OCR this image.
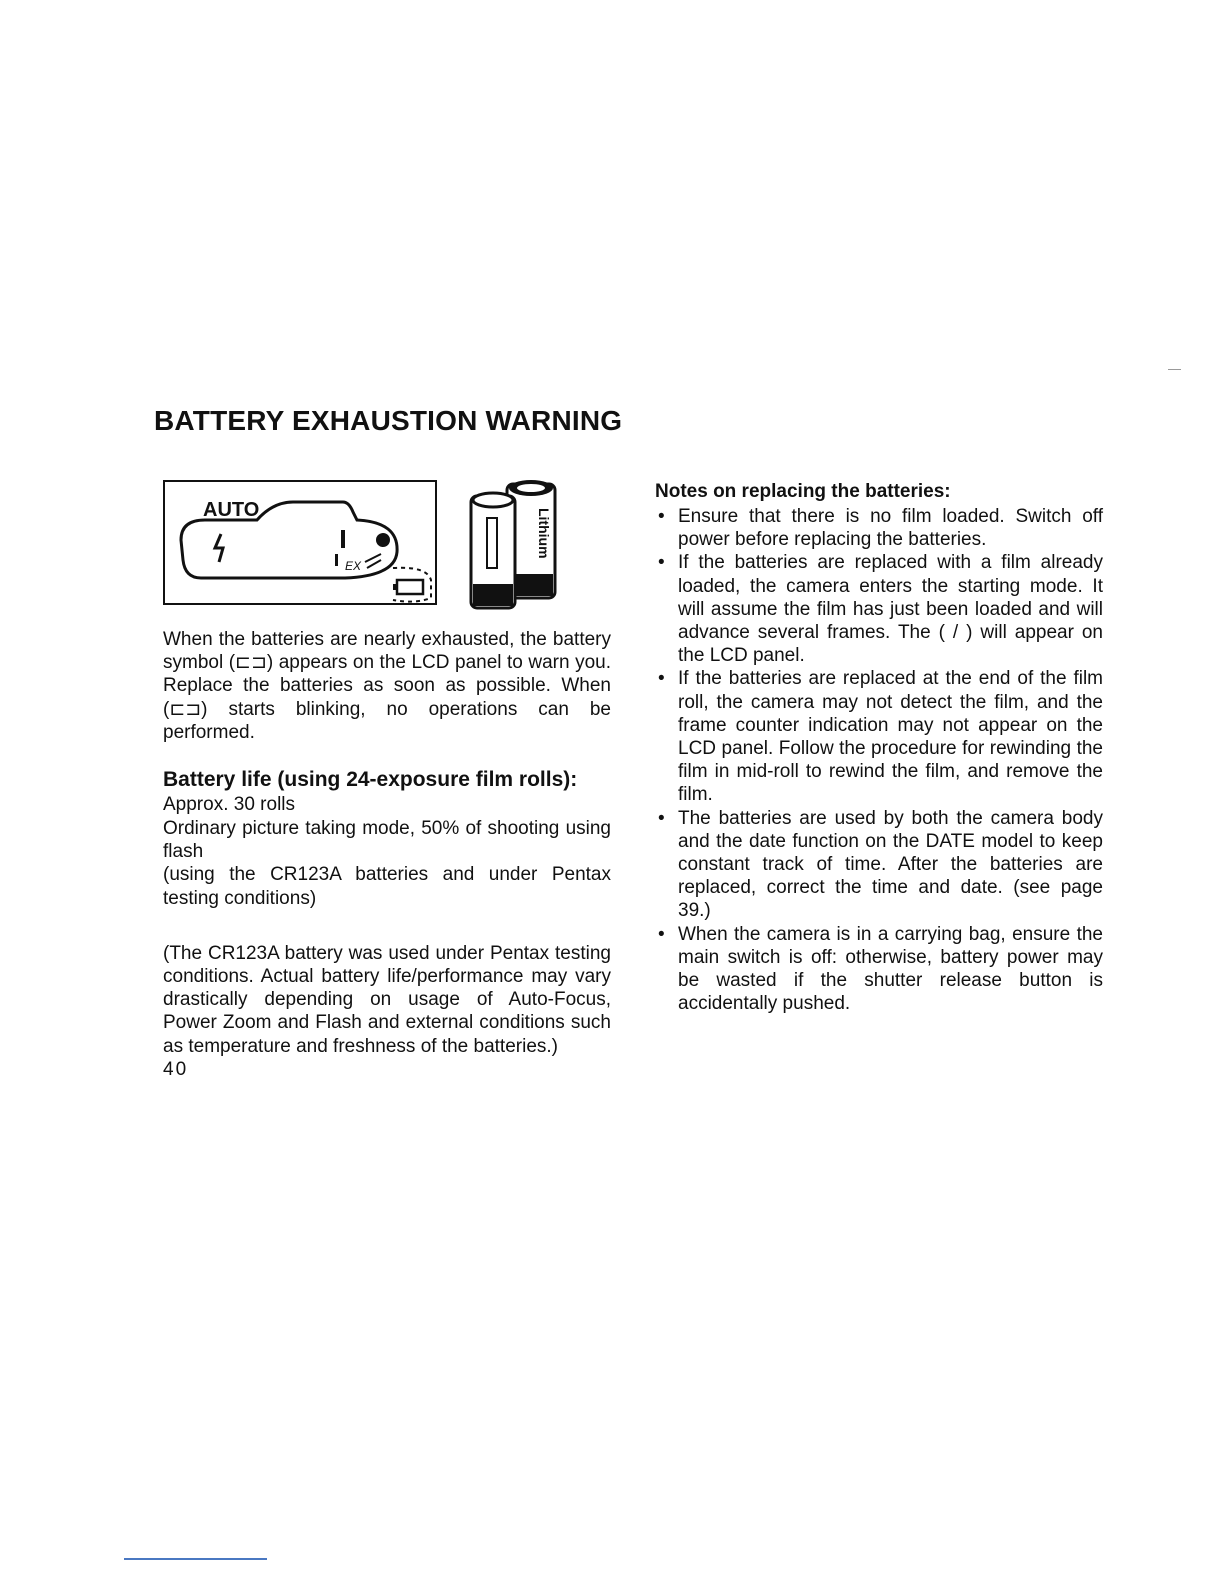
BATTERY EXHAUSTION WARNING
AUTO
EX
Lithium

When the batteries are nearly exhausted, the battery symbol (⊏⊐) appears on the LCD panel to warn you. Replace the batteries as soon as possible. When (⊏⊐) starts blinking, no operations can be performed.

Battery life (using 24-exposure film rolls): Approx. 30 rolls

Ordinary picture taking mode, 50% of shooting using flash

(using the CR123A batteries and under Pentax testing conditions)

(The CR123A battery was used under Pentax testing conditions. Actual battery life/performance may vary drastically depending on usage of Auto-Focus, Power Zoom and Flash and external conditions such as temperature and freshness of the batteries.)

40

Notes on replacing the batteries:

• Ensure that there is no film loaded. Switch off power before replacing the batteries.
• If the batteries are replaced with a film already loaded, the camera enters the starting mode. It will assume the film has just been loaded and will advance several frames. The ( / ) will appear on the LCD panel.
• If the batteries are replaced at the end of the film roll, the camera may not detect the film, and the frame counter indication may not appear on the LCD panel. Follow the procedure for rewinding the film in mid-roll to rewind the film, and remove the film.
• The batteries are used by both the camera body and the date function on the DATE model to keep constant track of time. After the batteries are replaced, correct the time and date. (see page 39.)
• When the camera is in a carrying bag, ensure the main switch is off: otherwise, battery power may be wasted if the shutter release button is accidentally pushed.
